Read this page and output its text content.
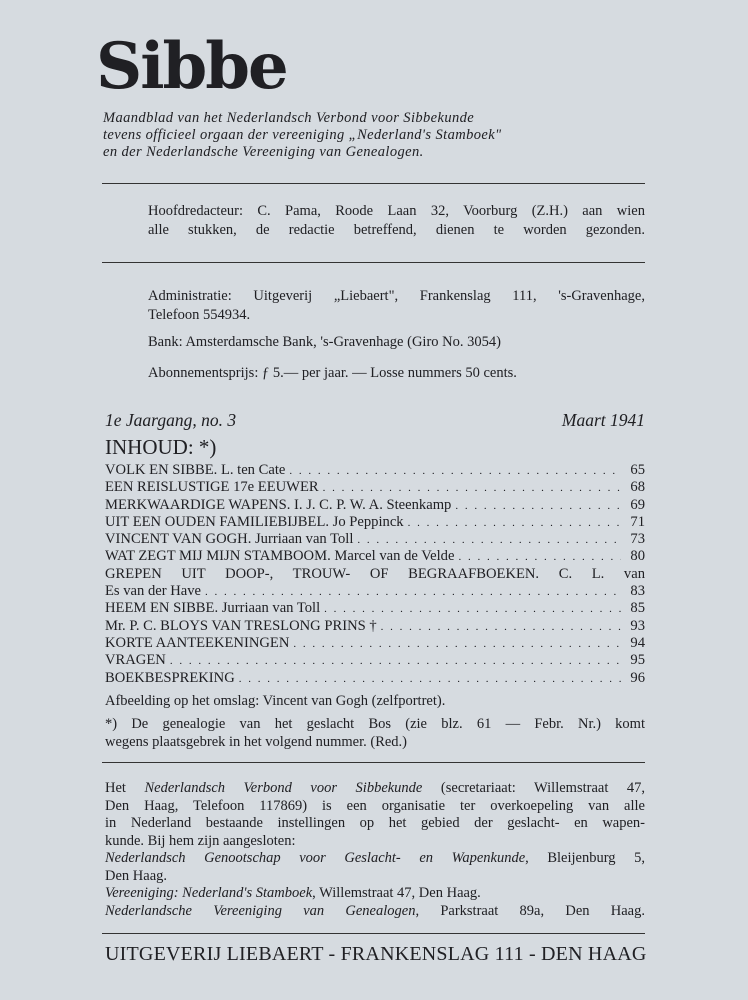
Sibbe
Maandblad van het Nederlandsch Verbond voor Sibbekunde
tevens officieel orgaan der vereeniging „Nederland's Stamboek"
en der Nederlandsche Vereeniging van Genealogen.
Hoofdredacteur: C. Pama, Roode Laan 32, Voorburg (Z.H.) aan wien
alle stukken, de redactie betreffend, dienen te worden gezonden.
Administratie: Uitgeverij „Liebaert", Frankenslag 111, 's-Gravenhage,
Telefoon 554934.
Bank: Amsterdamsche Bank, 's-Gravenhage (Giro No. 3054)
Abonnementsprijs: ƒ 5.— per jaar. — Losse nummers 50 cents.
1e Jaargang, no. 3	Maart 1941
INHOUD: *)
VOLK EN SIBBE. L. ten Cate . . .	65
EEN REISLUSTIGE 17e EEUWER . . .	68
MERKWAARDIGE WAPENS. I. J. C. P. W. A. Steenkamp . . .	69
UIT EEN OUDEN FAMILIEBIJBEL. Jo Peppinck . . .	71
VINCENT VAN GOGH. Jurriaan van Toll . . .	73
WAT ZEGT MIJ MIJN STAMBOOM. Marcel van de Velde . . .	80
GREPEN UIT DOOP-, TROUW- OF BEGRAAFBOEKEN. C. L. van
Es van der Have . . .	83
HEEM EN SIBBE. Jurriaan van Toll . . .	85
Mr. P. C. BLOYS VAN TRESLONG PRINS † . . .	93
KORTE AANTEEKENINGEN . . .	94
VRAGEN . . .	95
BOEKBESPREKING . . .	96
Afbeelding op het omslag: Vincent van Gogh (zelfportret).
*) De genealogie van het geslacht Bos (zie blz. 61 — Febr. Nr.) komt
wegens plaatsgebrek in het volgend nummer. (Red.)
Het Nederlandsch Verbond voor Sibbekunde (secretariaat: Willemstraat 47,
Den Haag, Telefoon 117869) is een organisatie ter overkoepeling van alle
in Nederland bestaande instellingen op het gebied der geslacht- en wapen-
kunde. Bij hem zijn aangesloten:
Nederlandsch Genootschap voor Geslacht- en Wapenkunde, Bleijenburg 5,
Den Haag.
Vereeniging: Nederland's Stamboek, Willemstraat 47, Den Haag.
Nederlandsche Vereeniging van Genealogen, Parkstraat 89a, Den Haag.
UITGEVERIJ LIEBAERT - FRANKENSLAG 111 - DEN HAAG
